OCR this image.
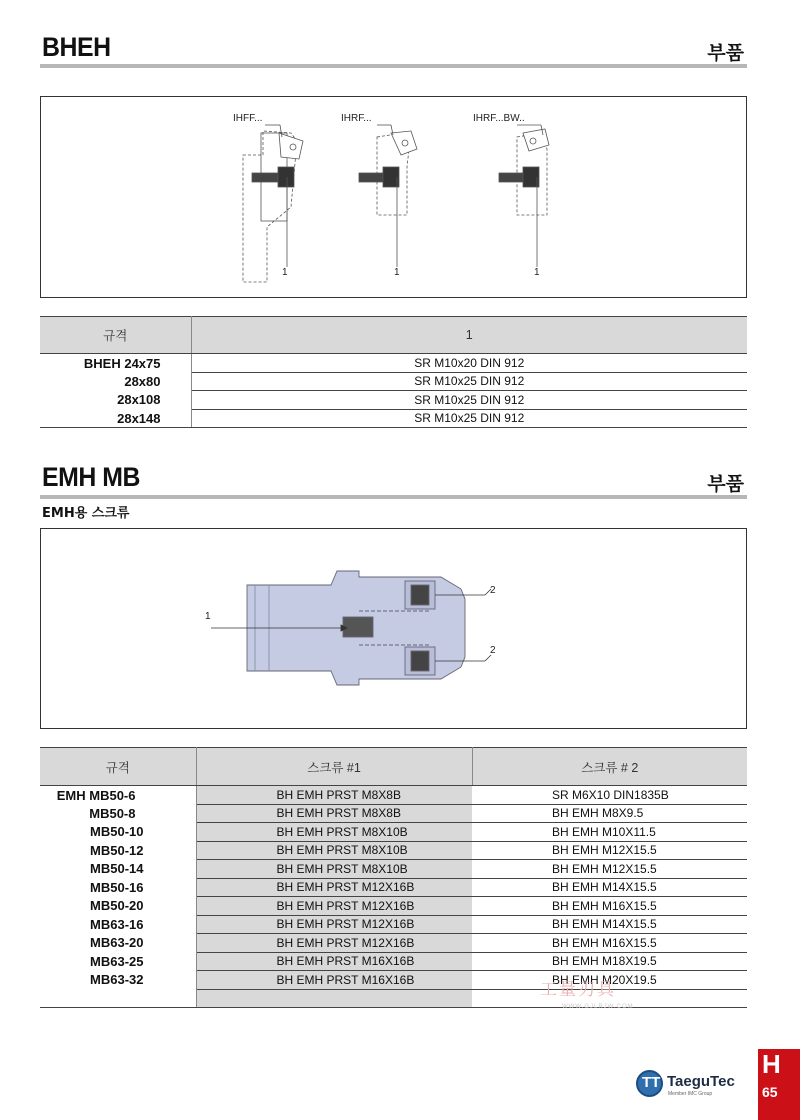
BHEH	부품
IHFF...	IHRF...	IHRF...BW..
1	1	1
규격	1
BHEH 24x75	SR M10x20 DIN 912
28x80	SR M10x25 DIN 912
28x108	SR M10x25 DIN 912
28x148	SR M10x25 DIN 912
EMH MB	부품
EMH용 스크류
1
2
2
규격	스크류 #1	스크류 # 2
EMH MB50-6	BH EMH PRST M8X8B	SR M6X10 DIN1835B
MB50-8	BH EMH PRST M8X8B	BH EMH M8X9.5
MB50-10	BH EMH PRST M8X10B	BH EMH M10X11.5
MB50-12	BH EMH PRST M8X10B	BH EMH M12X15.5
MB50-14	BH EMH PRST M8X10B	BH EMH M12X15.5
MB50-16	BH EMH PRST M12X16B	BH EMH M14X15.5
MB50-20	BH EMH PRST M12X16B	BH EMH M16X15.5
MB63-16	BH EMH PRST M12X16B	BH EMH M14X15.5
MB63-20	BH EMH PRST M12X16B	BH EMH M16X15.5
MB63-25	BH EMH PRST M16X16B	BH EMH M18X19.5
MB63-32	BH EMH PRST M16X16B	BH EMH M20X19.5

工量刃具
WWW.GJLRJW.COM
TT TaeguTec
Member IMC Group
H
65
